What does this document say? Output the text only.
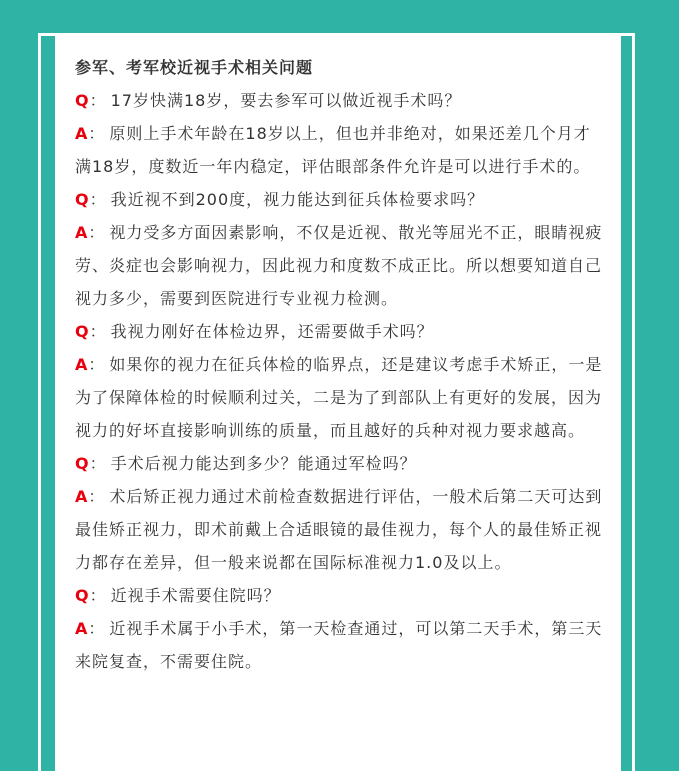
参军、考军校近视手术相关问题

Q： 17岁快满18岁，要去参军可以做近视手术吗？

A： 原则上手术年龄在18岁以上，但也并非绝对，如果还差几个月才满18岁，度数近一年内稳定，评估眼部条件允许是可以进行手术的。

Q： 我近视不到200度，视力能达到征兵体检要求吗？

A： 视力受多方面因素影响，不仅是近视、散光等屈光不正，眼睛视疲劳、炎症也会影响视力，因此视力和度数不成正比。所以想要知道自己视力多少，需要到医院进行专业视力检测。

Q： 我视力刚好在体检边界，还需要做手术吗？

A： 如果你的视力在征兵体检的临界点，还是建议考虑手术矫正，一是为了保障体检的时候顺利过关，二是为了到部队上有更好的发展，因为视力的好坏直接影响训练的质量，而且越好的兵种对视力要求越高。

Q： 手术后视力能达到多少？能通过军检吗？

A： 术后矫正视力通过术前检查数据进行评估，一般术后第二天可达到最佳矫正视力，即术前戴上合适眼镜的最佳视力，每个人的最佳矫正视力都存在差异，但一般来说都在国际标准视力1.0及以上。

Q： 近视手术需要住院吗？

A： 近视手术属于小手术，第一天检查通过，可以第二天手术，第三天来院复查，不需要住院。
